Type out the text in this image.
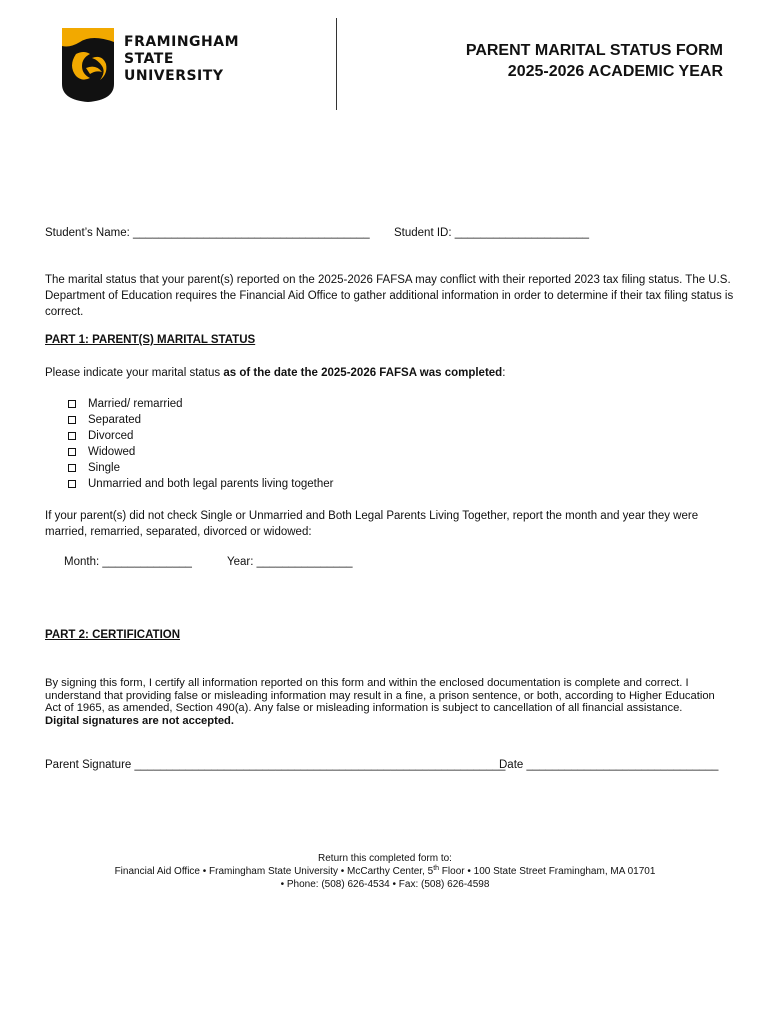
FRAMINGHAM
STATE
UNIVERSITY
PARENT MARITAL STATUS FORM
2025-2026 ACADEMIC YEAR
Student’s Name: _____________________________________ Student ID: _____________________
The marital status that your parent(s) reported on the 2025-2026 FAFSA may conflict with their reported 2023 tax filing status. The U.S.
Department of Education requires the Financial Aid Office to gather additional information in order to determine if their tax filing status is
correct.
PART 1: PARENT(S) MARITAL STATUS
Please indicate your marital status as of the date the 2025-2026 FAFSA was completed:
Married/ remarried
Separated
Divorced
Widowed
Single
Unmarried and both legal parents living together
If your parent(s) did not check Single or Unmarried and Both Legal Parents Living Together, report the month and year they were
married, remarried, separated, divorced or widowed:
Month: ______________	Year: _______________
PART 2: CERTIFICATION
By signing this form, I certify all information reported on this form and within the enclosed documentation is complete and correct. I
understand that providing false or misleading information may result in a fine, a prison sentence, or both, according to Higher Education
Act of 1965, as amended, Section 490(a). Any false or misleading information is subject to cancellation of all financial assistance.
Digital signatures are not accepted.
Parent Signature __________________________________________________________
Date ______________________________
Return this completed form to:
Financial Aid Office • Framingham State University • McCarthy Center, 5th Floor • 100 State Street Framingham, MA 01701
• Phone: (508) 626-4534 • Fax: (508) 626-4598
